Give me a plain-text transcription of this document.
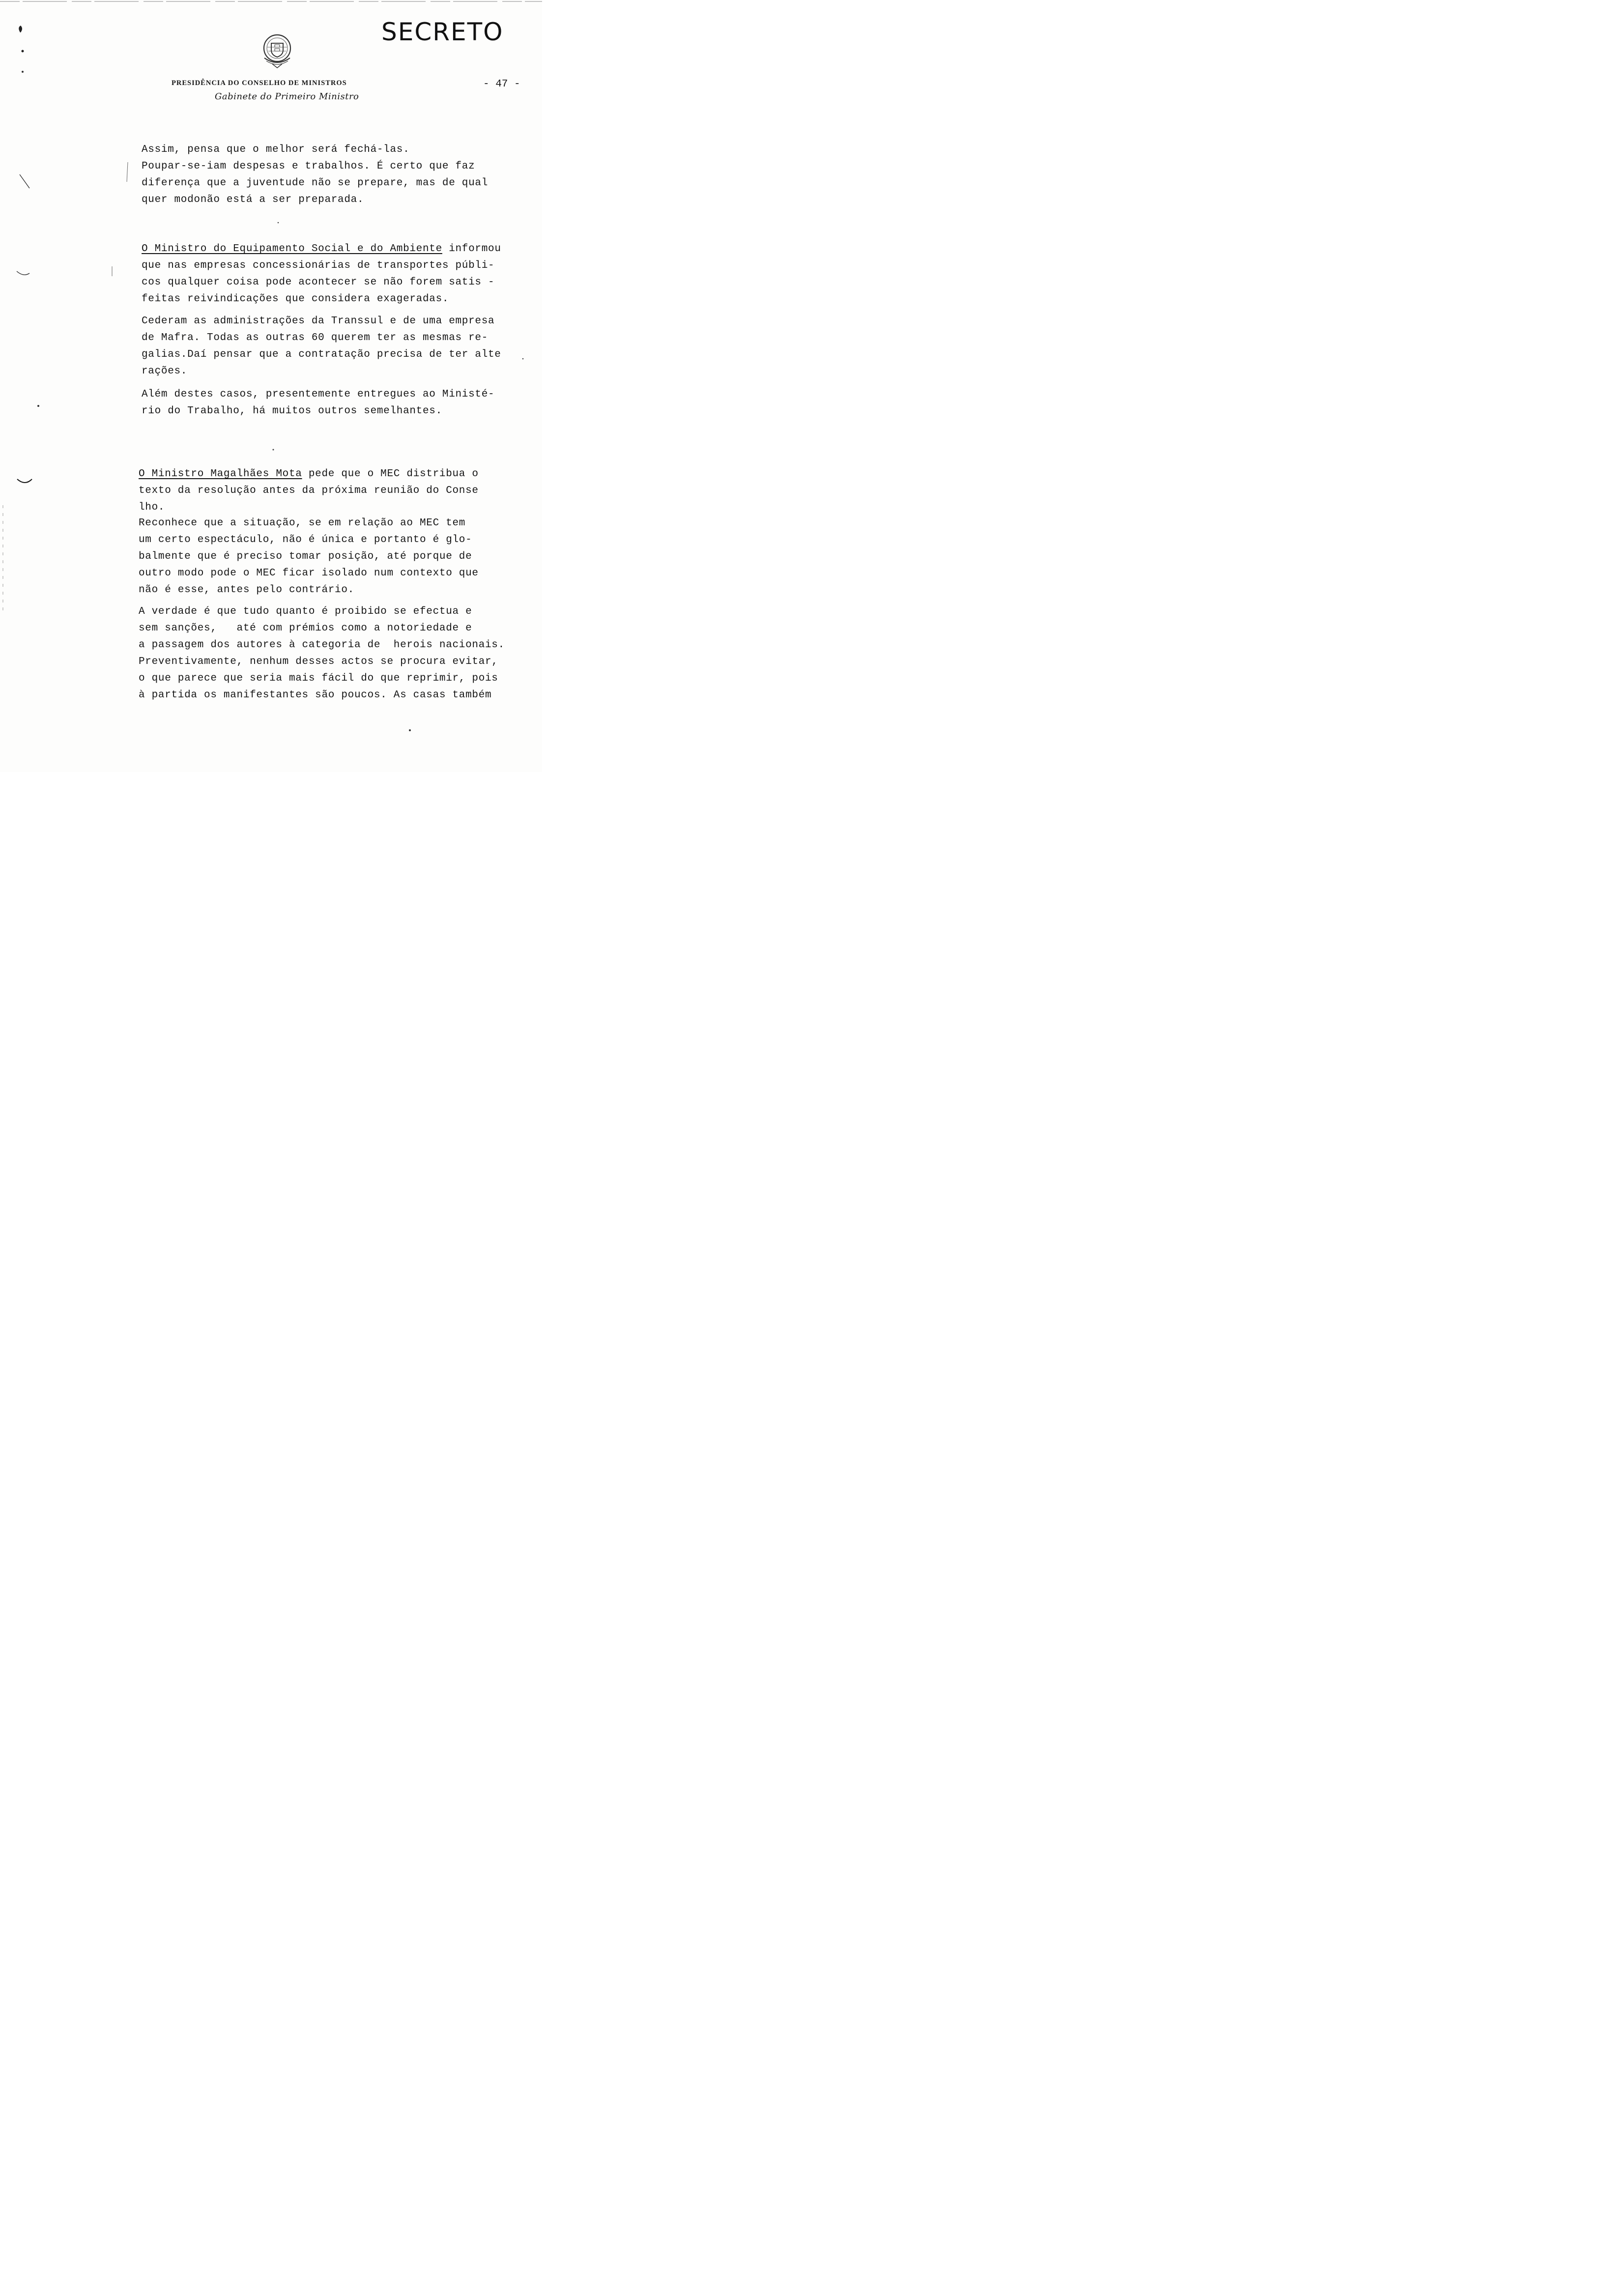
SECRETO
PRESIDÊNCIA DO CONSELHO DE MINISTROS
Gabinete do Primeiro Ministro
- 47 -
Assim, pensa que o melhor será fechá-las.
Poupar-se-iam despesas e trabalhos. É certo que faz
diferença que a juventude não se prepare, mas de qual
quer modonão está a ser preparada.
O Ministro do Equipamento Social e do Ambiente informou
que nas empresas concessionárias de transportes públi-
cos qualquer coisa pode acontecer se não forem satis -
feitas reivindicações que considera exageradas.
Cederam as administrações da Transsul e de uma empresa
de Mafra. Todas as outras 60 querem ter as mesmas re-
galias.Daí pensar que a contratação precisa de ter alte
rações.
Além destes casos, presentemente entregues ao Ministé-
rio do Trabalho, há muitos outros semelhantes.
O Ministro Magalhães Mota pede que o MEC distribua o
texto da resolução antes da próxima reunião do Conse
lho.
Reconhece que a situação, se em relação ao MEC tem
um certo espectáculo, não é única e portanto é glo-
balmente que é preciso tomar posição, até porque de
outro modo pode o MEC ficar isolado num contexto que
não é esse, antes pelo contrário.
A verdade é que tudo quanto é proibido se efectua e
sem sanções,   até com prémios como a notoriedade e
a passagem dos autores à categoria de  herois nacionais.
Preventivamente, nenhum desses actos se procura evitar,
o que parece que seria mais fácil do que reprimir, pois
à partida os manifestantes são poucos. As casas também
